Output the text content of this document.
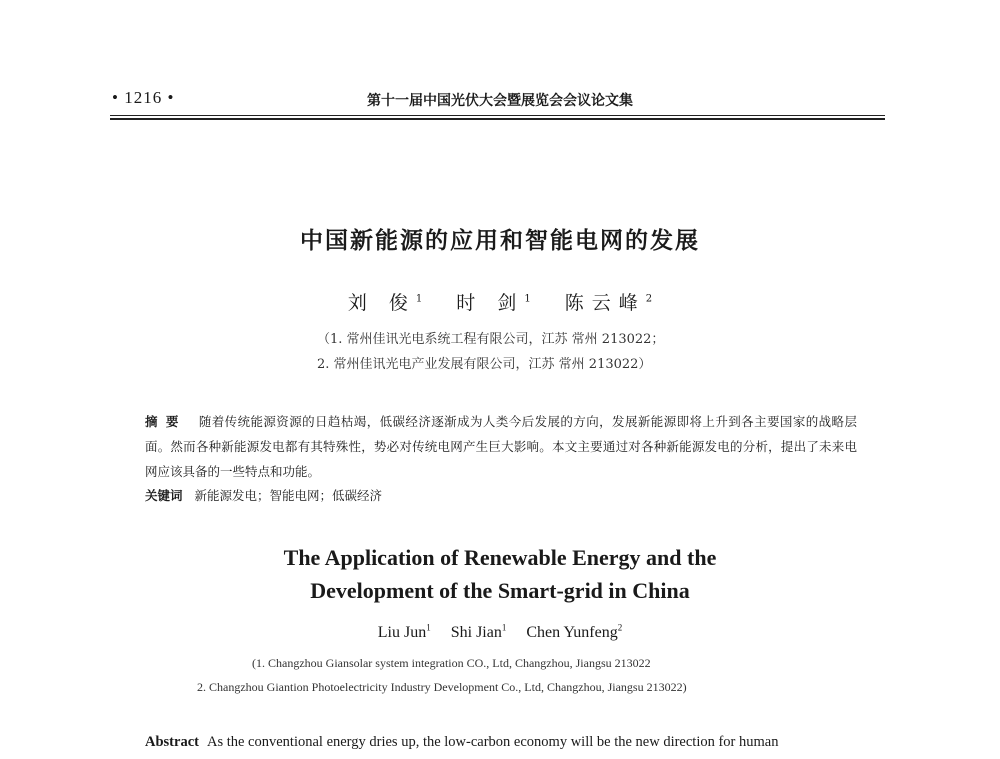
• 1216 •	第十一届中国光伏大会暨展览会会议论文集
中国新能源的应用和智能电网的发展
刘 俊$^1$ 时 剑$^1$ 陈云峰$^2$
（1. 常州佳讯光电系统工程有限公司，江苏 常州 213022；
2. 常州佳讯光电产业发展有限公司，江苏 常州 213022）
摘要 随着传统能源资源的日趋枯竭，低碳经济逐渐成为人类今后发展的方向，发展新能源即将上升到各主要国家的战略层面。然而各种新能源发电都有其特殊性，势必对传统电网产生巨大影响。本文主要通过对各种新能源发电的分析，提出了未来电网应该具备的一些特点和功能。
关键词 新能源发电；智能电网；低碳经济
The Application of Renewable Energy and the
Development of the Smart-grid in China
Liu Jun$^1$ Shi Jian$^1$ Chen Yunfeng$^2$
(1. Changzhou Giansolar system integration CO., Ltd, Changzhou, Jiangsu 213022
2. Changzhou Giantion Photoelectricity Industry Development Co., Ltd, Changzhou, Jiangsu 213022)
Abstract As the conventional energy dries up, the low-carbon economy will be the new direction for human
